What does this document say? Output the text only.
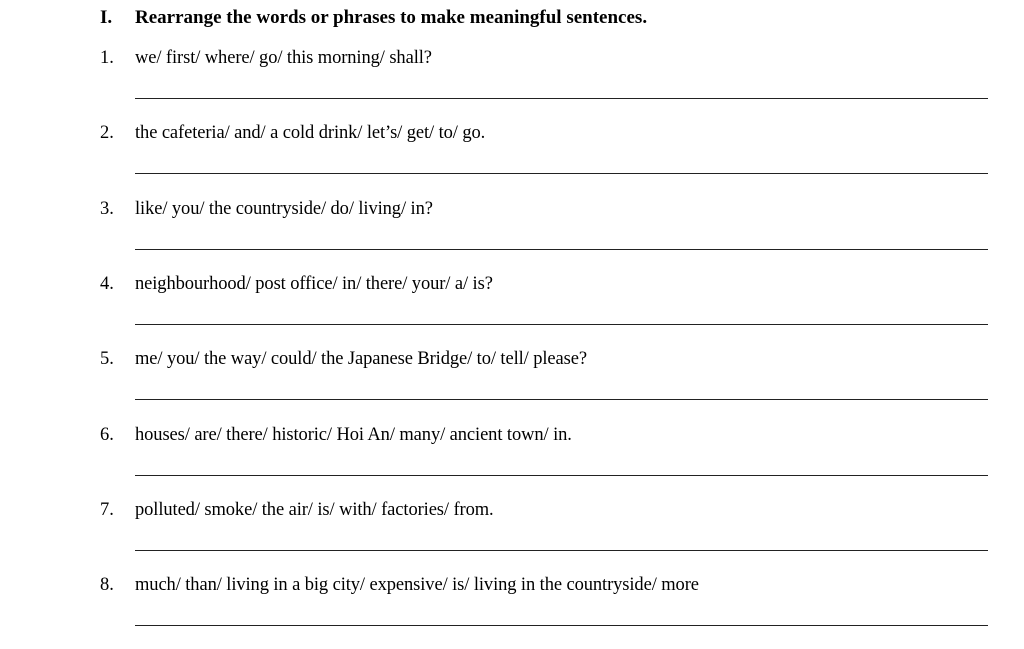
I. Rearrange the words or phrases to make meaningful sentences.
1. we/ first/ where/ go/ this morning/ shall?
2. the cafeteria/ and/ a cold drink/ let’s/ get/ to/ go.
3. like/ you/ the countryside/ do/ living/ in?
4. neighbourhood/ post office/ in/ there/ your/ a/ is?
5. me/ you/ the way/ could/ the Japanese Bridge/ to/ tell/ please?
6. houses/ are/ there/ historic/ Hoi An/ many/ ancient town/ in.
7. polluted/ smoke/ the air/ is/ with/ factories/ from.
8. much/ than/ living in a big city/ expensive/ is/ living in the countryside/ more
